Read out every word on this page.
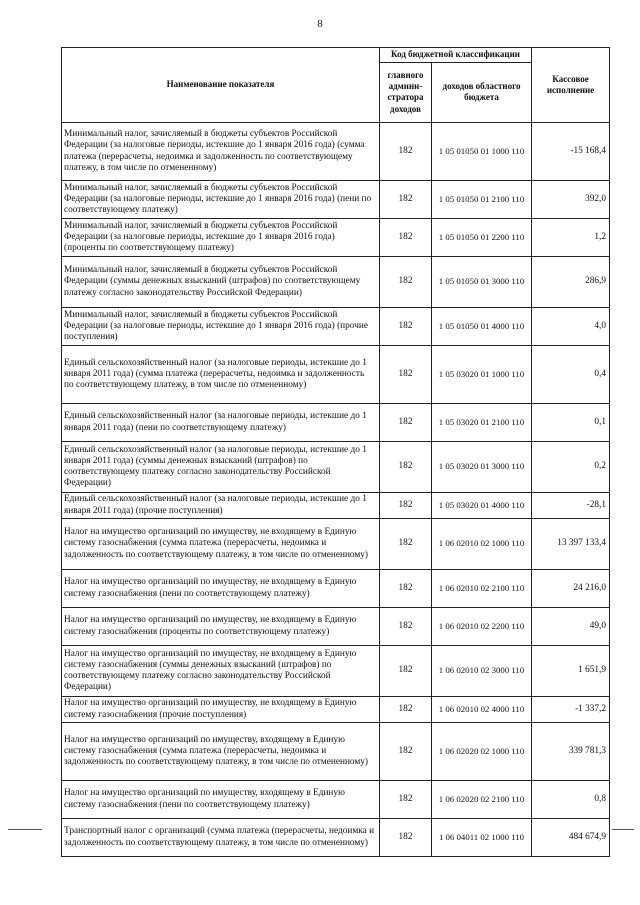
8
Наименование показателя	Код бюджетной классификации		Кассовое исполнение
	главного админи-стратора доходов	доходов областного бюджета	
Минимальный налог, зачисляемый в бюджеты субъектов Российской Федерации (за налоговые периоды, истекшие до 1 января 2016 года) (сумма платежа (перерасчеты, недоимка и задолженность по соответствующему платежу, в том числе по отмененному)	182	1 05 01050 01 1000 110	-15 168,4
Минимальный налог, зачисляемый в бюджеты субъектов Российской Федерации (за налоговые периоды, истекшие до 1 января 2016 года) (пени по соответствующему платежу)	182	1 05 01050 01 2100 110	392,0
Минимальный налог, зачисляемый в бюджеты субъектов Российской Федерации (за налоговые периоды, истекшие до 1 января 2016 года) (проценты по соответствующему платежу)	182	1 05 01050 01 2200 110	1,2
Минимальный налог, зачисляемый в бюджеты субъектов Российской Федерации (суммы денежных взысканий (штрафов) по соответствующему платежу согласно законодательству Российской Федерации)	182	1 05 01050 01 3000 110	286,9
Минимальный налог, зачисляемый в бюджеты субъектов Российской Федерации (за налоговые периоды, истекшие до 1 января 2016 года) (прочие поступления)	182	1 05 01050 01 4000 110	4,0
Единый сельскохозяйственный налог (за налоговые периоды, истекшие до 1 января 2011 года) (сумма платежа (перерасчеты, недоимка и задолженность по соответствующему платежу, в том числе по отмененному)	182	1 05 03020 01 1000 110	0,4
Единый сельскохозяйственный налог (за налоговые периоды, истекшие до 1 января 2011 года) (пени по соответствующему платежу)	182	1 05 03020 01 2100 110	0,1
Единый сельскохозяйственный налог (за налоговые периоды, истекшие до 1 января 2011 года) (суммы денежных взысканий (штрафов) по соответствующему платежу согласно законодательству Российской Федерации)	182	1 05 03020 01 3000 110	0,2
Единый сельскохозяйственный налог (за налоговые периоды, истекшие до 1 января 2011 года) (прочие поступления)	182	1 05 03020 01 4000 110	-28,1
Налог на имущество организаций по имуществу, не входящему в Единую систему газоснабжения (сумма платежа (перерасчеты, недоимка и задолженность по соответствующему платежу, в том числе по отмененному)	182	1 06 02010 02 1000 110	13 397 133,4
Налог на имущество организаций по имуществу, не входящему в Единую систему газоснабжения (пени по соответствующему платежу)	182	1 06 02010 02 2100 110	24 216,0
Налог на имущество организаций по имуществу, не входящему в Единую систему газоснабжения (проценты по соответствующему платежу)	182	1 06 02010 02 2200 110	49,0
Налог на имущество организаций по имуществу, не входящему в Единую систему газоснабжения (суммы денежных взысканий (штрафов) по соответствующему платежу согласно законодательству Российской Федерации)	182	1 06 02010 02 3000 110	1 651,9
Налог на имущество организаций по имуществу, не входящему в Единую систему газоснабжения (прочие поступления)	182	1 06 02010 02 4000 110	-1 337,2
Налог на имущество организаций по имуществу, входящему в Единую систему газоснабжения (сумма платежа (перерасчеты, недоимка и задолженность по соответствующему платежу, в том числе по отмененному)	182	1 06 02020 02 1000 110	339 781,3
Налог на имущество организаций по имуществу, входящему в Единую систему газоснабжения (пени по соответствующему платежу)	182	1 06 02020 02 2100 110	0,8
Транспортный налог с организаций (сумма платежа (перерасчеты, недоимка и задолженность по соответствующему платежу, в том числе по отмененному)	182	1 06 04011 02 1000 110	484 674,9
